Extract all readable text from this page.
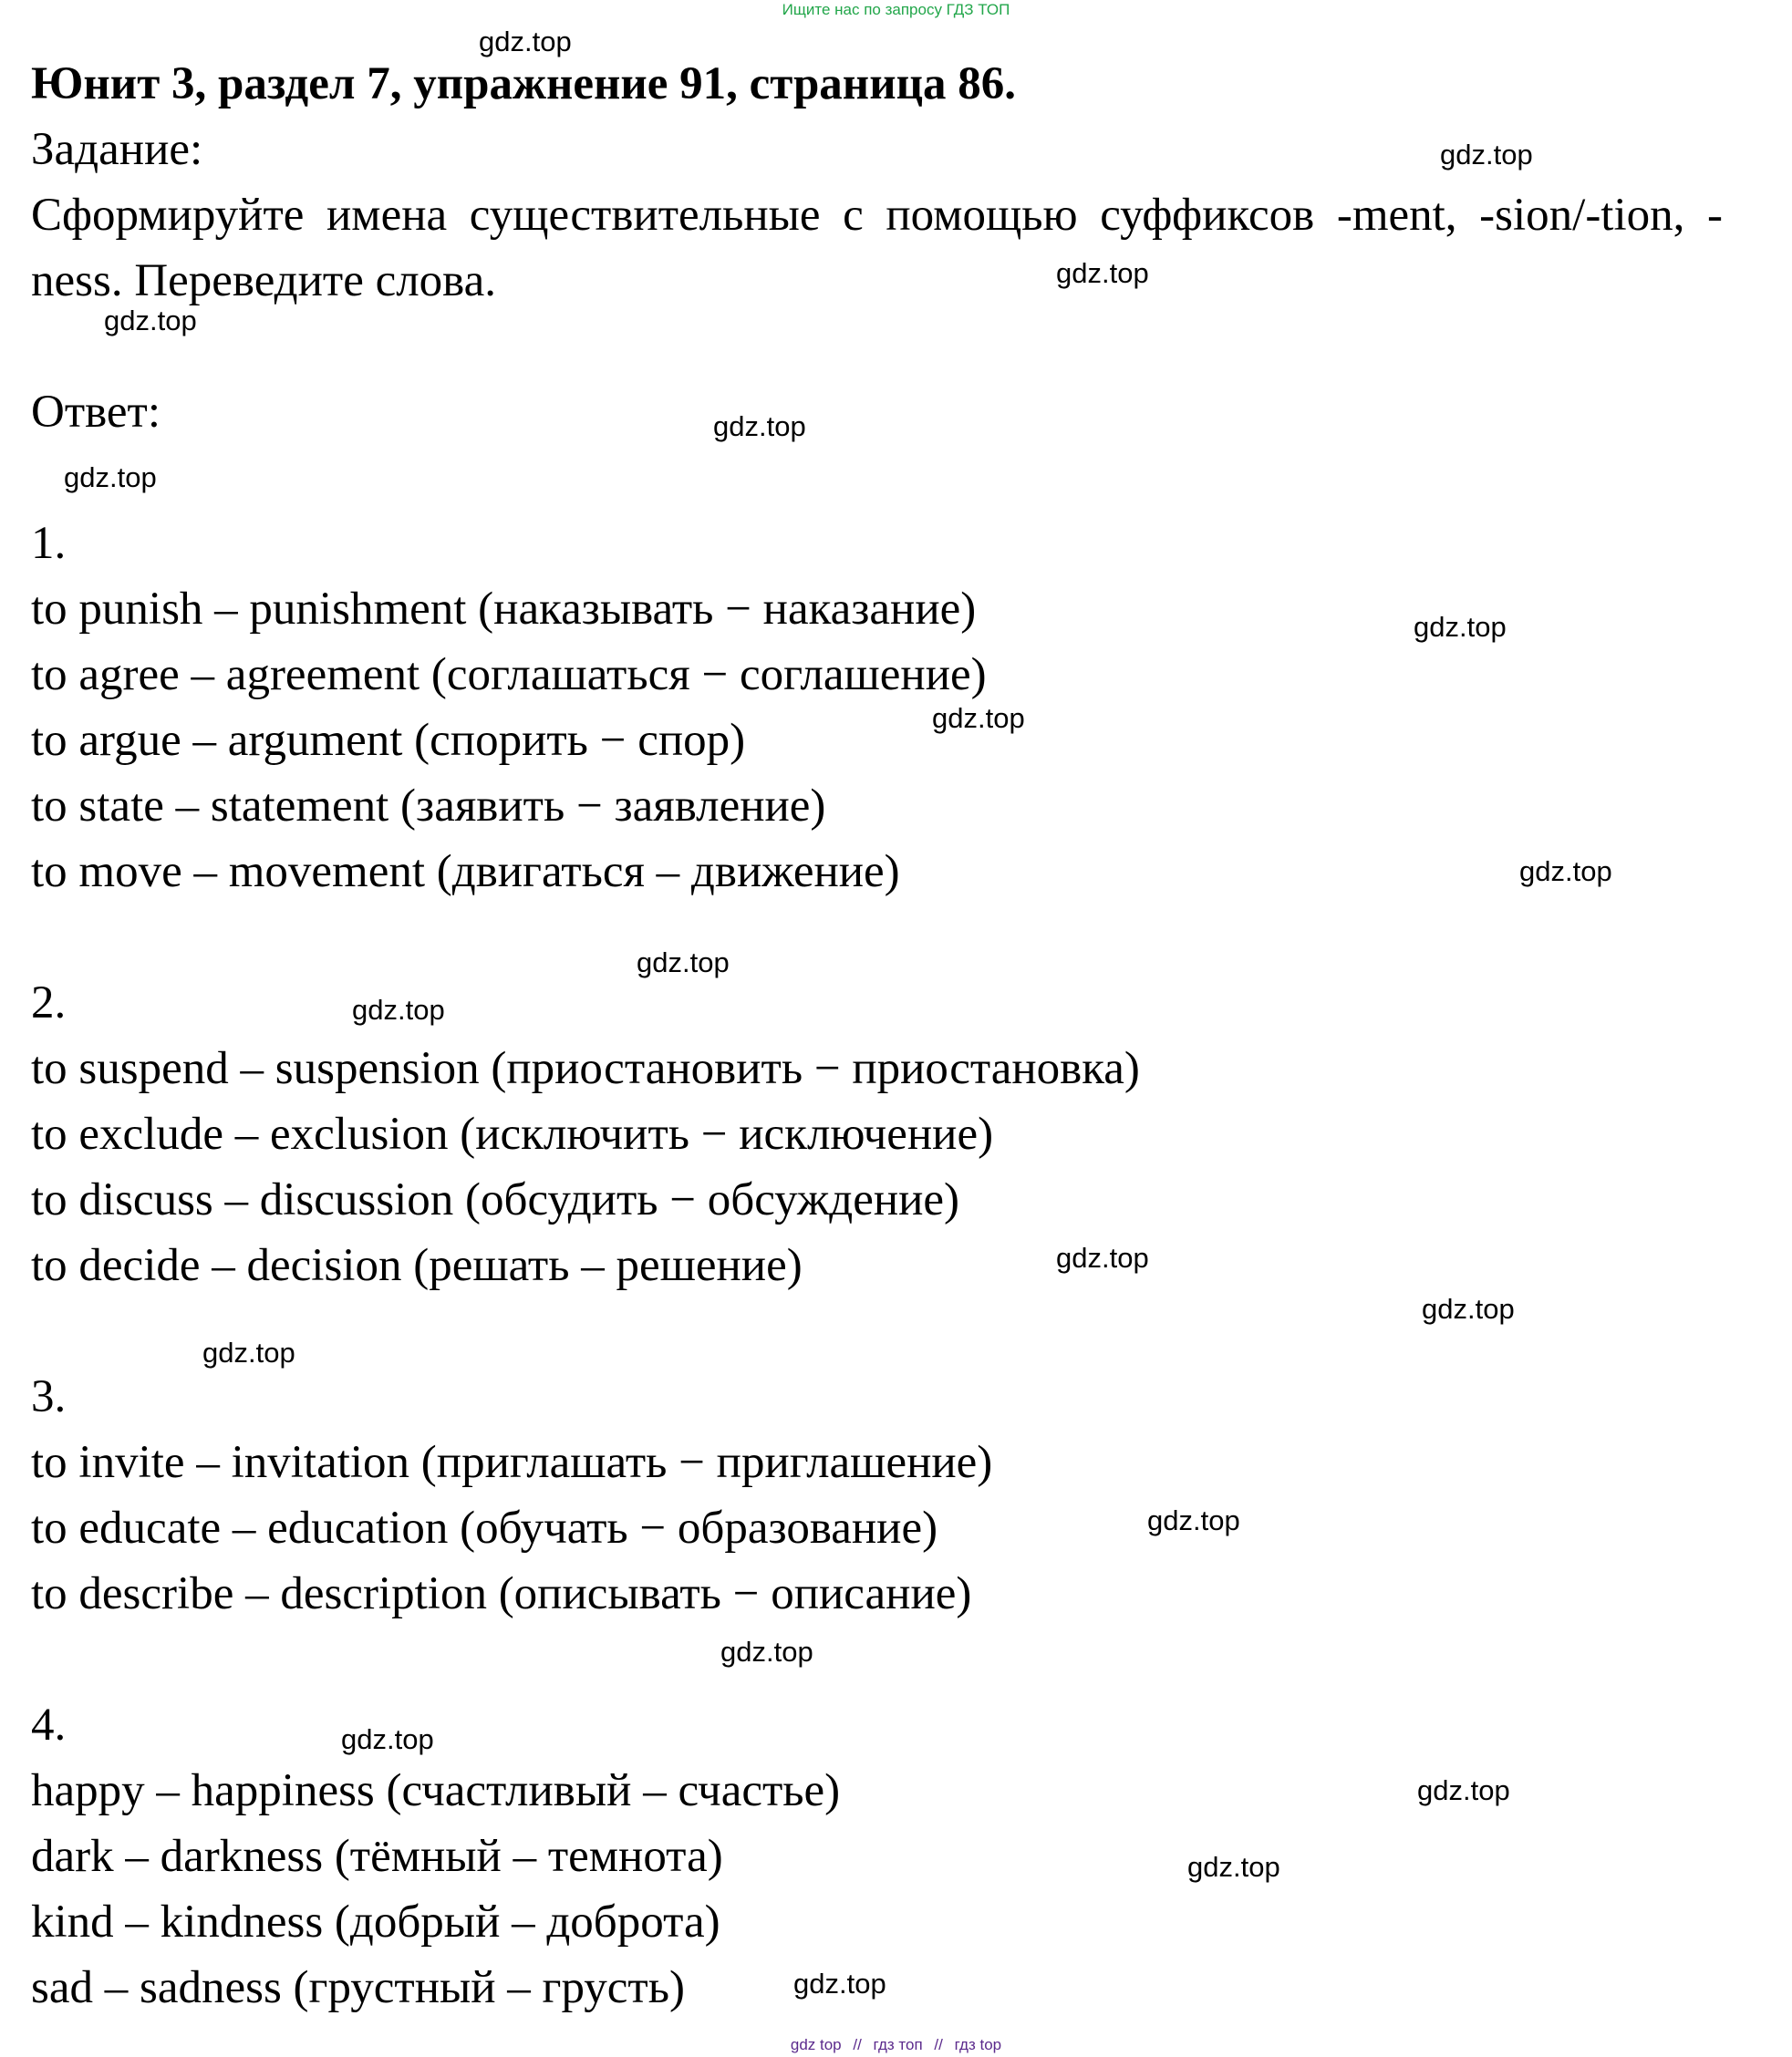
Ищите нас по запросу ГДЗ ТОП

Юнит 3, раздел 7, упражнение 91, страница 86.

Задание:

Сформируйте имена существительные с помощью суффиксов -ment, -sion/-tion, -ness. Переведите слова.

Ответ:

1.

to punish – punishment (наказывать − наказание)

to agree – agreement (соглашаться − соглашение)

to argue – argument (спорить − спор)

to state – statement (заявить − заявление)

to move – movement (двигаться – движение)

2.

to suspend – suspension (приостановить − приостановка)

to exclude – exclusion (исключить − исключение)

to discuss – discussion (обсудить − обсуждение)

to decide – decision (решать – решение)

3.

to invite – invitation (приглашать − приглашение)

to educate – education (обучать − образование)

to describe – description (описывать − описание)

4.

happy – happiness (счастливый – счастье)

dark – darkness (тёмный – темнота)

kind – kindness (добрый – доброта)

sad – sadness (грустный – грусть)

gdz.top
gdz.top
gdz.top
gdz.top
gdz.top
gdz.top
gdz.top
gdz.top
gdz.top
gdz.top
gdz.top
gdz.top
gdz.top
gdz.top
gdz.top
gdz.top
gdz.top
gdz.top
gdz.top
gdz.top
gdz top // гдз топ // гдз top
